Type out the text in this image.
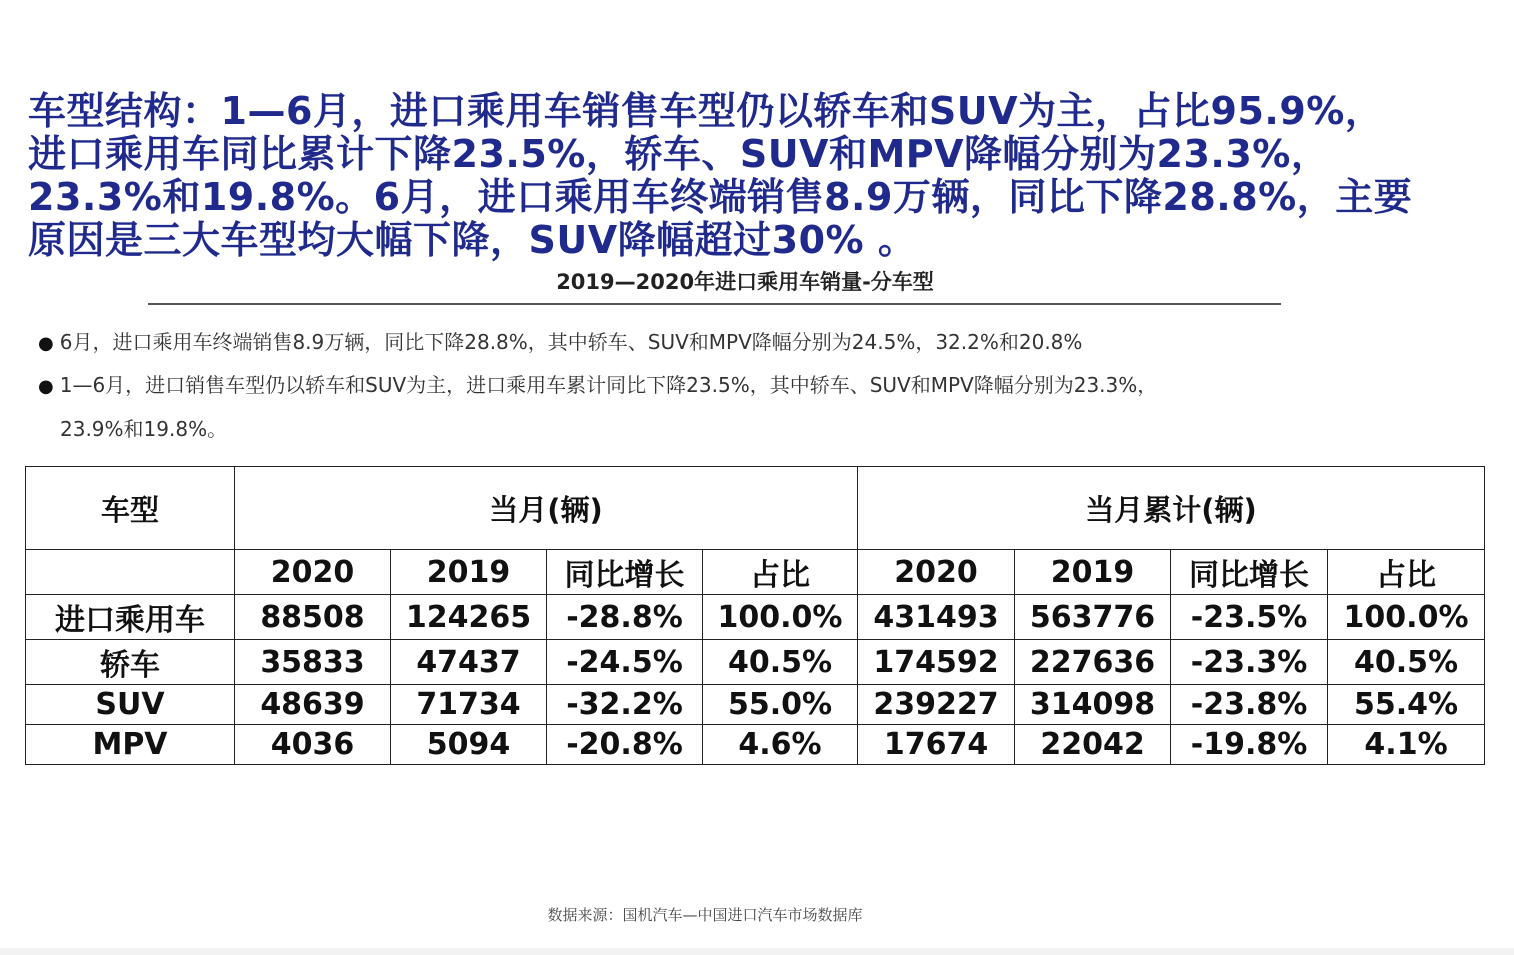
车型结构：1—6月，进口乘用车销售车型仍以轿车和SUV为主，占比95.9%，
进口乘用车同比累计下降23.5%，轿车、SUV和MPV降幅分别为23.3%，
23.3%和19.8%。6月，进口乘用车终端销售8.9万辆，同比下降28.8%，主要
原因是三大车型均大幅下降，SUV降幅超过30% 。
2019—2020年进口乘用车销量-分车型
● 6月，进口乘用车终端销售8.9万辆，同比下降28.8%，其中轿车、SUV和MPV降幅分别为24.5%，32.2%和20.8%
● 1—6月，进口销售车型仍以轿车和SUV为主，进口乘用车累计同比下降23.5%，其中轿车、SUV和MPV降幅分别为23.3%，
23.9%和19.8%。
车型	当月(辆)				当月累计(辆)			
	2020	2019	同比增长	占比	2020	2019	同比增长	占比
进口乘用车	88508	124265	-28.8%	100.0%	431493	563776	-23.5%	100.0%
轿车	35833	47437	-24.5%	40.5%	174592	227636	-23.3%	40.5%
SUV	48639	71734	-32.2%	55.0%	239227	314098	-23.8%	55.4%
MPV	4036	5094	-20.8%	4.6%	17674	22042	-19.8%	4.1%
数据来源：国机汽车—中国进口汽车市场数据库
